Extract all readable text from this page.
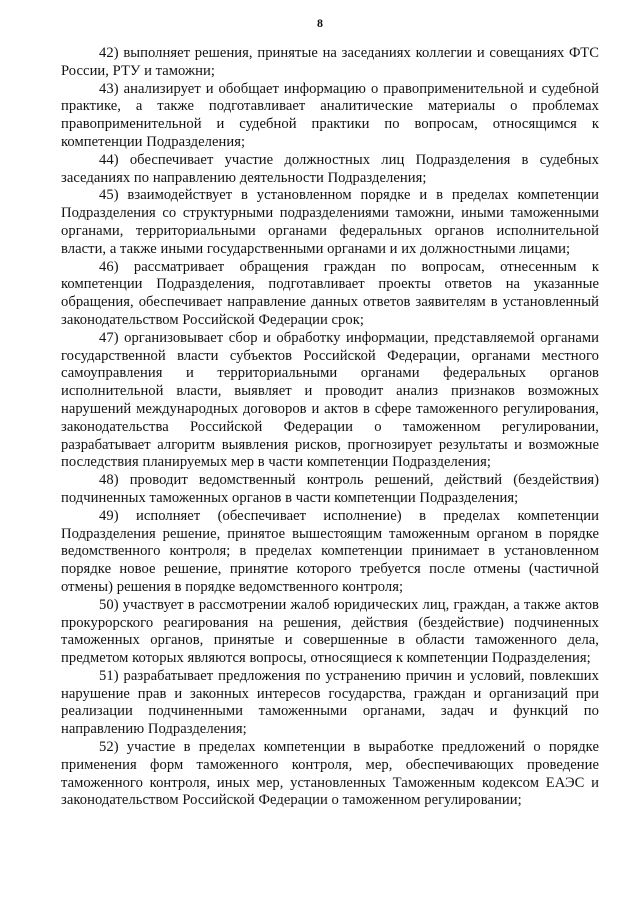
8

42) выполняет решения, принятые на заседаниях коллегии и совещаниях ФТС России, РТУ и таможни;

43) анализирует и обобщает информацию о правоприменительной и судебной практике, а также подготавливает аналитические материалы о проблемах правоприменительной и судебной практики по вопросам, относящимся к компетенции Подразделения;

44) обеспечивает участие должностных лиц Подразделения в судебных заседаниях по направлению деятельности Подразделения;

45) взаимодействует в установленном порядке и в пределах компетенции Подразделения со структурными подразделениями таможни, иными таможенными органами, территориальными органами федеральных органов исполнительной власти, а также иными государственными органами и их должностными лицами;

46) рассматривает обращения граждан по вопросам, отнесенным к компетенции Подразделения, подготавливает проекты ответов на указанные обращения, обеспечивает направление данных ответов заявителям в установленный законодательством Российской Федерации срок;

47) организовывает сбор и обработку информации, представляемой органами государственной власти субъектов Российской Федерации, органами местного самоуправления и территориальными органами федеральных органов исполнительной власти, выявляет и проводит анализ признаков возможных нарушений международных договоров и актов в сфере таможенного регулирования, законодательства Российской Федерации о таможенном регулировании, разрабатывает алгоритм выявления рисков, прогнозирует результаты и возможные последствия планируемых мер в части компетенции Подразделения;

48) проводит ведомственный контроль решений, действий (бездействия) подчиненных таможенных органов в части компетенции Подразделения;

49) исполняет (обеспечивает исполнение) в пределах компетенции Подразделения решение, принятое вышестоящим таможенным органом в порядке ведомственного контроля; в пределах компетенции принимает в установленном порядке новое решение, принятие которого требуется после отмены (частичной отмены) решения в порядке ведомственного контроля;

50) участвует в рассмотрении жалоб юридических лиц, граждан, а также актов прокурорского реагирования на решения, действия (бездействие) подчиненных таможенных органов, принятые и совершенные в области таможенного дела, предметом которых являются вопросы, относящиеся к компетенции Подразделения;

51) разрабатывает предложения по устранению причин и условий, повлекших нарушение прав и законных интересов государства, граждан и организаций при реализации подчиненными таможенными органами, задач и функций по направлению Подразделения;

52) участие в пределах компетенции в выработке предложений о порядке применения форм таможенного контроля, мер, обеспечивающих проведение таможенного контроля, иных мер, установленных Таможенным кодексом ЕАЭС и законодательством Российской Федерации о таможенном регулировании;
